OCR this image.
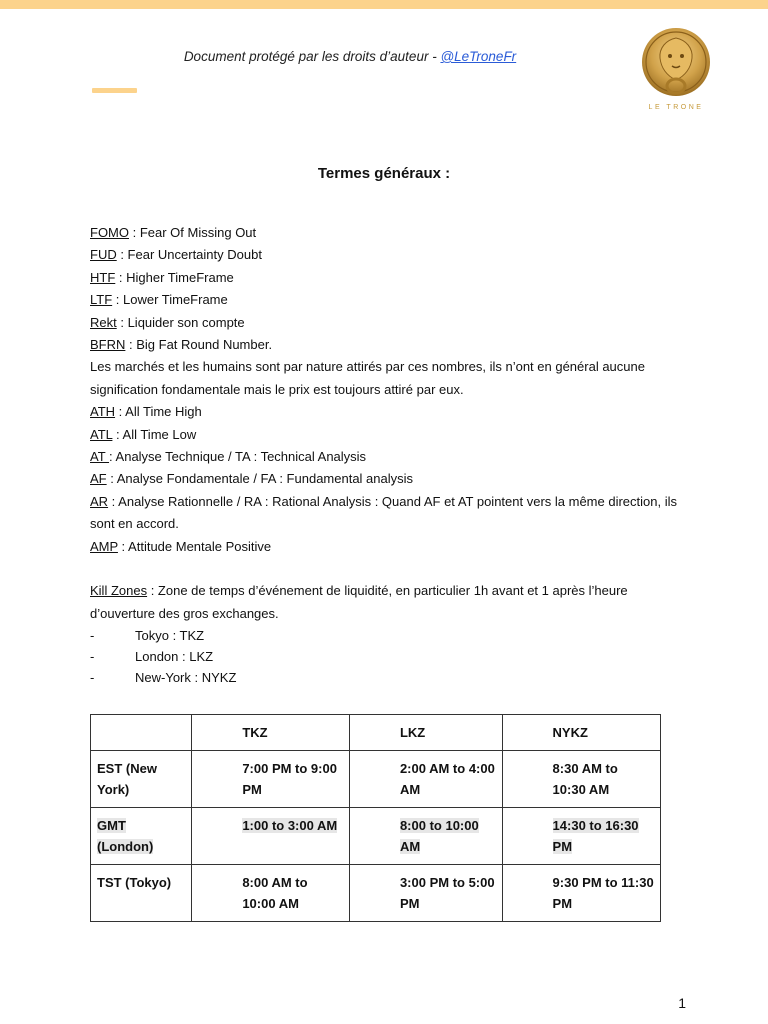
Document protégé par les droits d’auteur - @LeTroneFr
LE TRONE
Termes généraux :
FOMO : Fear Of Missing Out
FUD : Fear Uncertainty Doubt
HTF : Higher TimeFrame
LTF : Lower TimeFrame
Rekt : Liquider son compte
BFRN : Big Fat Round Number.
Les marchés et les humains sont par nature attirés par ces nombres, ils n’ont en général aucune signification fondamentale mais le prix est toujours attiré par eux.
ATH : All Time High
ATL : All Time Low
AT : Analyse Technique / TA : Technical Analysis
AF : Analyse Fondamentale / FA : Fundamental analysis
AR : Analyse Rationnelle / RA : Rational Analysis : Quand AF et AT pointent vers la même direction, ils sont en accord.
AMP : Attitude Mentale Positive
Kill Zones : Zone de temps d’événement de liquidité, en particulier 1h avant et 1 après l’heure d’ouverture des gros exchanges.
-	Tokyo : TKZ
-	London : LKZ
-	New-York : NYKZ
	TKZ	LKZ	NYKZ
EST (New York)	7:00 PM to 9:00 PM	2:00 AM to 4:00 AM	8:30 AM to 10:30 AM
GMT (London)	1:00 to 3:00 AM	8:00 to 10:00 AM	14:30 to 16:30 PM
TST (Tokyo)	8:00 AM to 10:00 AM	3:00 PM to 5:00 PM	9:30 PM to 11:30 PM
1
